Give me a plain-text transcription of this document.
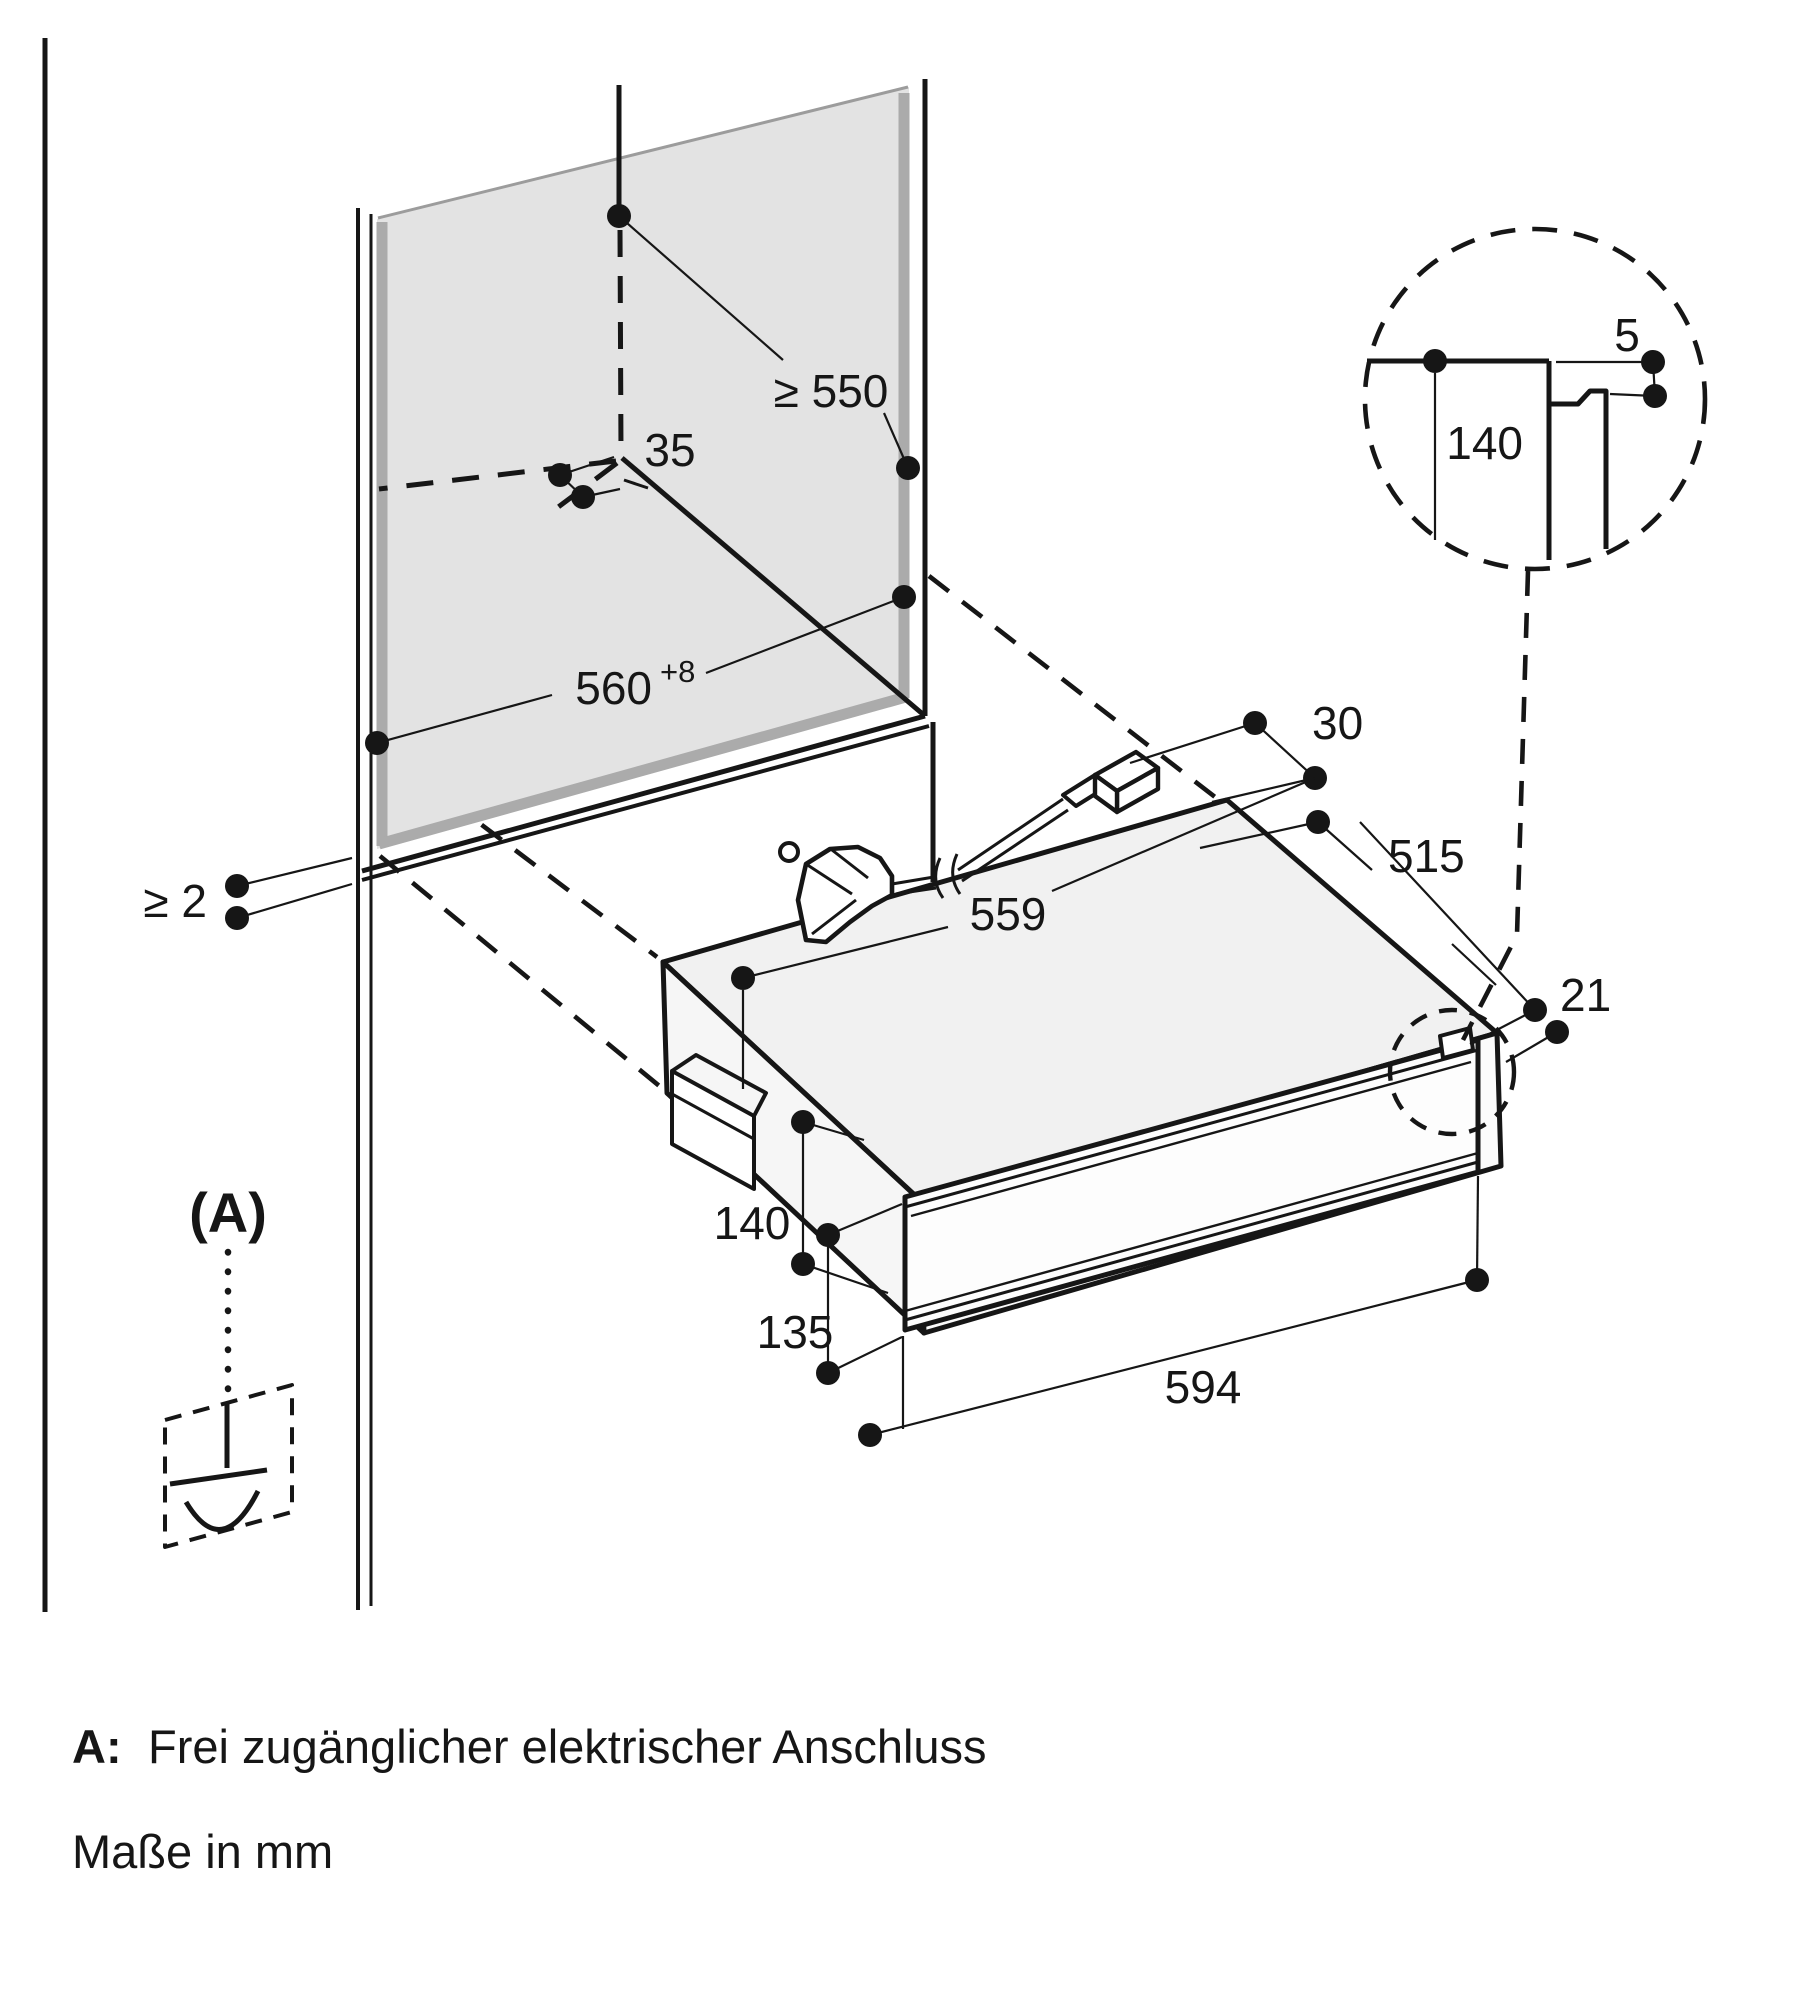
≥ 550
35
560 +8
≥ 2
30
559
515
21
140
135
594
140
5
(A)
A: Frei zugänglicher elektrischer Anschluss
Maße in mm
